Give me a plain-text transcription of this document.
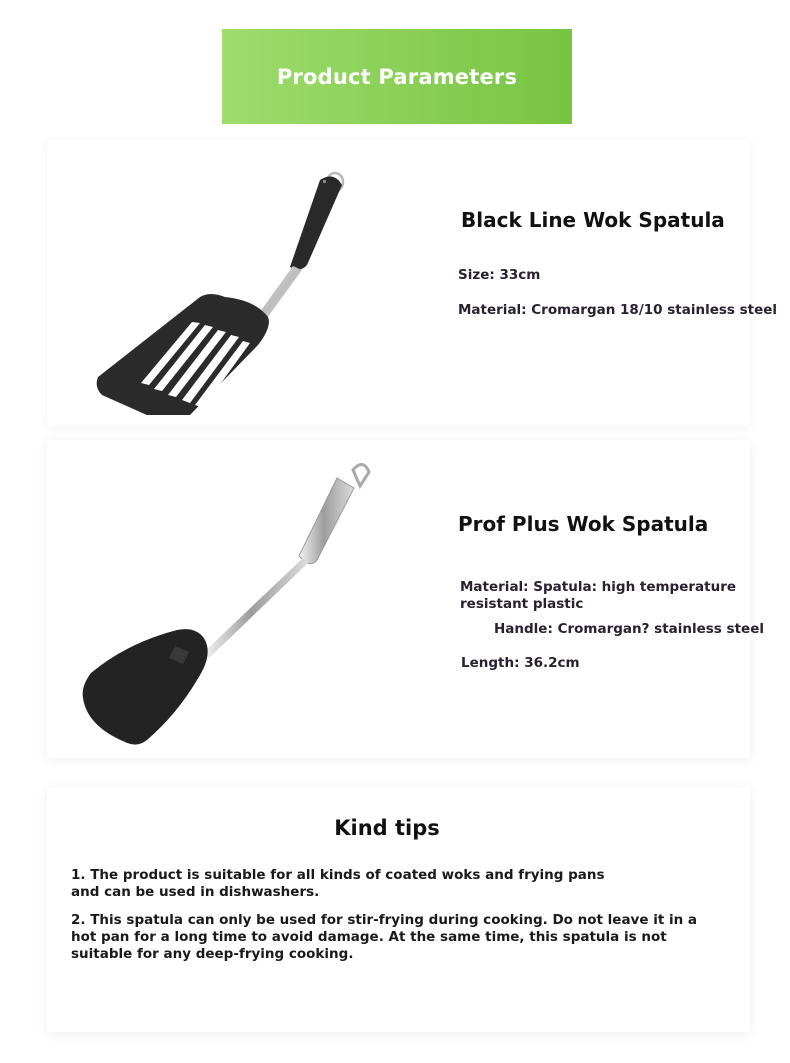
Product Parameters
Black Line Wok Spatula
Size: 33cm
Material: Cromargan 18/10 stainless steel
Prof Plus Wok Spatula
Material: Spatula: high temperature resistant plastic
Handle: Cromargan? stainless steel
Length: 36.2cm
Kind tips
1. The product is suitable for all kinds of coated woks and frying pans and can be used in dishwashers.
2. This spatula can only be used for stir-frying during cooking. Do not leave it in a hot pan for a long time to avoid damage. At the same time, this spatula is not suitable for any deep-frying cooking.
